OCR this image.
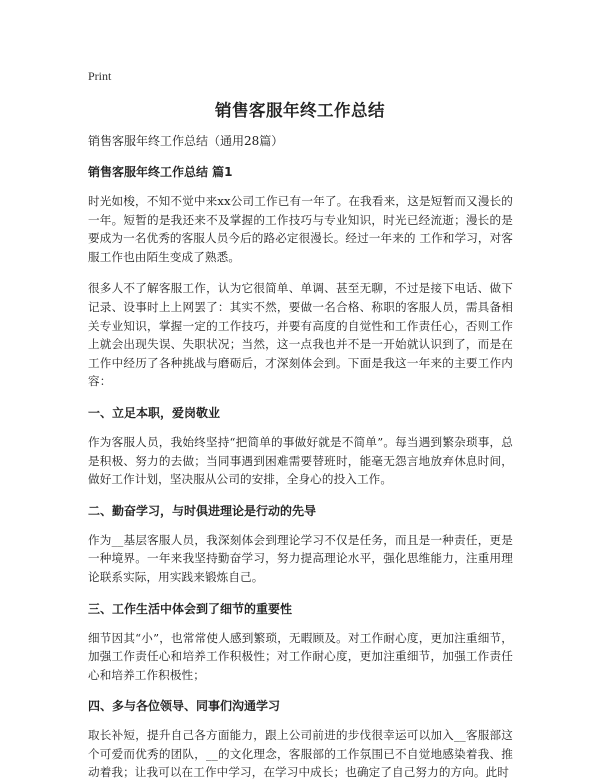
Print
销售客服年终工作总结

销售客服年终工作总结（通用28篇）

销售客服年终工作总结 篇1

时光如梭，不知不觉中来xx公司工作已有一年了。在我看来，这是短暂而又漫长的一年。短暂的是我还来不及掌握的工作技巧与专业知识，时光已经流逝；漫长的是要成为一名优秀的客服人员今后的路必定很漫长。经过一年来的 工作和学习，对客服工作也由陌生变成了熟悉。

很多人不了解客服工作，认为它很简单、单调、甚至无聊，不过是接下电话、做下记录、设事时上上网罢了：其实不然，要做一名合格、称职的客服人员，需具备相关专业知识，掌握一定的工作技巧，并要有高度的自觉性和工作责任心，否则工作上就会出现失误、失职状况；当然，这一点我也并不是一开始就认识到了，而是在工作中经历了各种挑战与磨砺后，才深刻体会到。下面是我这一年来的主要工作内容：

一、立足本职，爱岗敬业

作为客服人员，我始终坚持“把简单的事做好就是不简单”。每当遇到繁杂琐事，总是积极、努力的去做；当同事遇到困难需要替班时，能毫无怨言地放弃休息时间，做好工作计划，坚决服从公司的安排，全身心的投入工作。

二、勤奋学习，与时俱进理论是行动的先导

作为__基层客服人员，我深刻体会到理论学习不仅是任务，而且是一种责任，更是一种境界。一年来我坚持勤奋学习，努力提高理论水平，强化思维能力，注重用理论联系实际，用实践来锻炼自己。

三、工作生活中体会到了细节的重要性

细节因其“小”，也常常使人感到繁琐，无暇顾及。对工作耐心度，更加注重细节，加强工作责任心和培养工作积极性；对工作耐心度，更加注重细节，加强工作责任心和培养工作积极性；

四、多与各位领导、同事们沟通学习

取长补短，提升自己各方面能力，跟上公司前进的步伐很幸运可以加入__客服部这个可爱而优秀的团队，__的文化理念，客服部的工作氛围已不自觉地感染着我、推动着我；让我可以在工作中学习，在学习中成长；也确定了自己努力的方向。此时
